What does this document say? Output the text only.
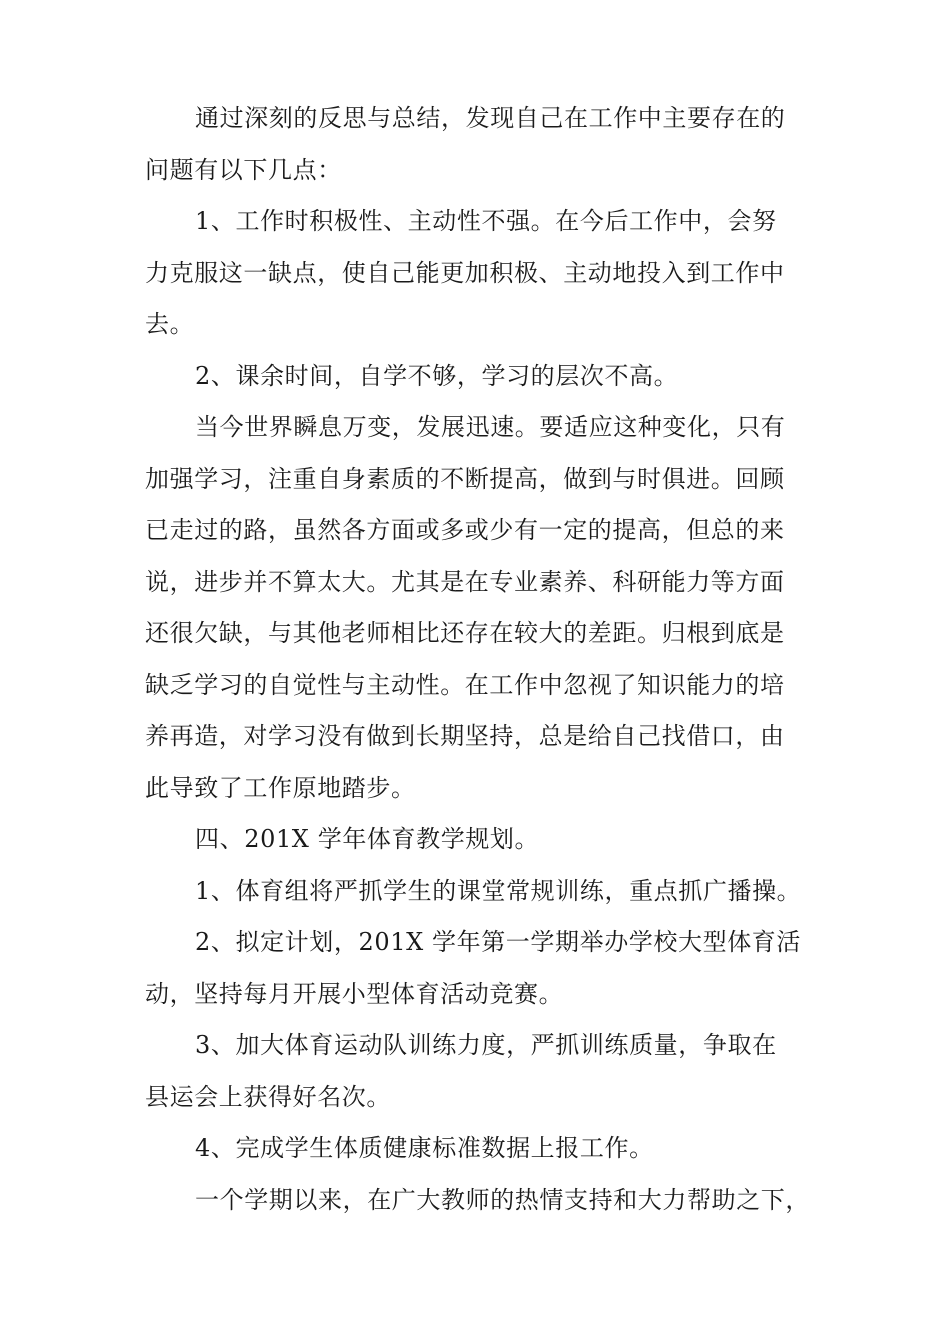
通过深刻的反思与总结，发现自己在工作中主要存在的
问题有以下几点：
1、工作时积极性、主动性不强。在今后工作中，会努
力克服这一缺点，使自己能更加积极、主动地投入到工作中
去。
2、课余时间，自学不够，学习的层次不高。
当今世界瞬息万变，发展迅速。要适应这种变化，只有
加强学习，注重自身素质的不断提高，做到与时俱进。回顾
已走过的路，虽然各方面或多或少有一定的提高，但总的来
说，进步并不算太大。尤其是在专业素养、科研能力等方面
还很欠缺，与其他老师相比还存在较大的差距。归根到底是
缺乏学习的自觉性与主动性。在工作中忽视了知识能力的培
养再造，对学习没有做到长期坚持，总是给自己找借口，由
此导致了工作原地踏步。
四、201X 学年体育教学规划。
1、体育组将严抓学生的课堂常规训练，重点抓广播操。
2、拟定计划，201X 学年第一学期举办学校大型体育活
动，坚持每月开展小型体育活动竞赛。
3、加大体育运动队训练力度，严抓训练质量，争取在
县运会上获得好名次。
4、完成学生体质健康标准数据上报工作。
一个学期以来，在广大教师的热情支持和大力帮助之下，
